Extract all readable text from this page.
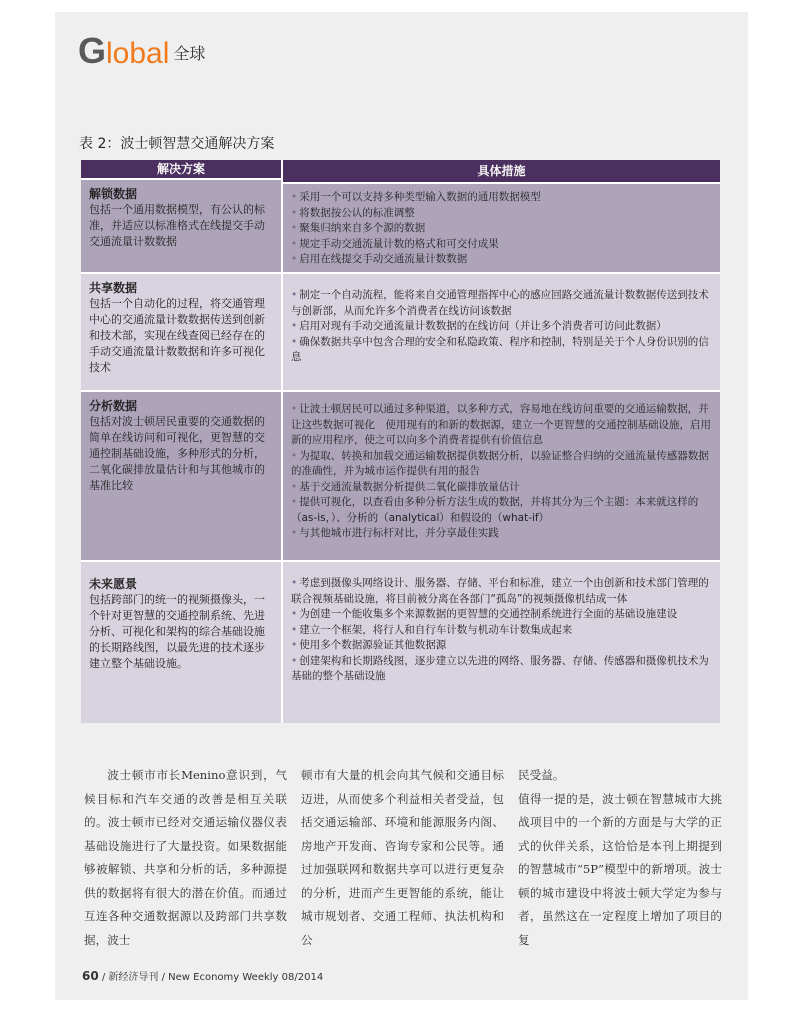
Global 全球
表 2：波士顿智慧交通解决方案
解决方案	具体措施
解锁数据
包括一个通用数据模型，有公认的标准，并适应以标准格式在线提交手动交通流量计数数据
• 采用一个可以支持多种类型输入数据的通用数据模型
• 将数据按公认的标准调整
• 聚集归纳来自多个源的数据
• 规定手动交通流量计数的格式和可交付成果
• 启用在线提交手动交通流量计数数据
共享数据
包括一个自动化的过程，将交通管理中心的交通流量计数数据传送到创新和技术部，实现在线查阅已经存在的手动交通流量计数数据和许多可视化技术
• 制定一个自动流程，能将来自交通管理指挥中心的感应回路交通流量计数数据传送到技术与创新部，从而允许多个消费者在线访问该数据
• 启用对现有手动交通流量计数数据的在线访问（并让多个消费者可访问此数据）
• 确保数据共享中包含合理的安全和私隐政策、程序和控制，特别是关于个人身份识别的信息
分析数据
包括对波士顿居民重要的交通数据的简单在线访问和可视化，更智慧的交通控制基础设施，多种形式的分析，二氧化碳排放量估计和与其他城市的基准比较
• 让波士顿居民可以通过多种渠道，以多种方式，容易地在线访问重要的交通运输数据，并让这些数据可视化　使用现有的和新的数据源，建立一个更智慧的交通控制基础设施，启用新的应用程序，使之可以向多个消费者提供有价值信息
• 为提取、转换和加载交通运输数据提供数据分析，以验证整合归纳的交通流量传感器数据的准确性，并为城市运作提供有用的报告
• 基于交通流量数据分析提供二氧化碳排放量估计
• 提供可视化，以查看由多种分析方法生成的数据，并将其分为三个主题：本来就这样的（as-is，）、分析的（analytical）和假设的（what-if）
• 与其他城市进行标杆对比，并分享最佳实践
未来愿景
包括跨部门的统一的视频摄像头，一个针对更智慧的交通控制系统、先进分析、可视化和架构的综合基础设施的长期路线图，以最先进的技术逐步建立整个基础设施。
• 考虑到摄像头网络设计、服务器、存储、平台和标准，建立一个由创新和技术部门管理的联合视频基础设施，将目前被分离在各部门“孤岛”的视频摄像机结成一体
• 为创建一个能收集多个来源数据的更智慧的交通控制系统进行全面的基础设施建设
• 建立一个框架，将行人和自行车计数与机动车计数集成起来
• 使用多个数据源验证其他数据源
• 创建架构和长期路线图，逐步建立以先进的网络、服务器、存储、传感器和摄像机技术为基础的整个基础设施
波士顿市市长Menino意识到，气候目标和汽车交通的改善是相互关联的。波士顿市已经对交通运输仪器仪表基础设施进行了大量投资。如果数据能够被解锁、共享和分析的话，多种源提供的数据将有很大的潜在价值。而通过互连各种交通数据源以及跨部门共享数据，波士
顿市有大量的机会向其气候和交通目标迈进，从而使多个利益相关者受益，包括交通运输部、环境和能源服务内阁、房地产开发商、咨询专家和公民等。通过加强联网和数据共享可以进行更复杂的分析，进而产生更智能的系统，能让城市规划者、交通工程师、执法机构和公
民受益。
值得一提的是，波士顿在智慧城市大挑战项目中的一个新的方面是与大学的正式的伙伴关系，这恰恰是本刊上期提到的智慧城市“5P”模型中的新增项。波士顿的城市建设中将波士顿大学定为参与者，虽然这在一定程度上增加了项目的复
60 / 新经济导刊 / New Economy Weekly 08/2014
